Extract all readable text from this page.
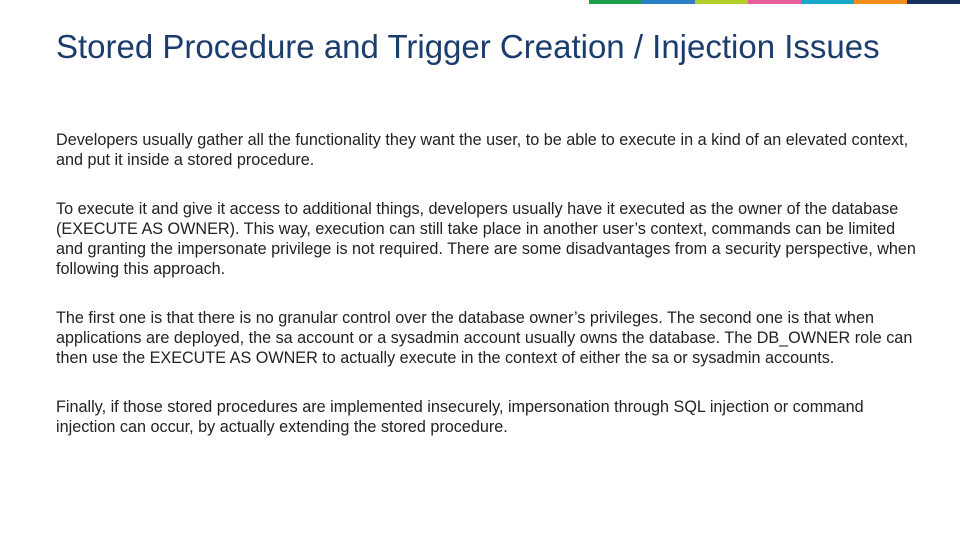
Stored Procedure and Trigger Creation / Injection Issues

Developers usually gather all the functionality they want the user, to be able to execute in a kind of an elevated context, and put it inside a stored procedure.

To execute it and give it access to additional things, developers usually have it executed as the owner of the database (EXECUTE AS OWNER). This way, execution can still take place in another user’s context, commands can be limited and granting the impersonate privilege is not required. There are some disadvantages from a security perspective, when following this approach.

The first one is that there is no granular control over the database owner’s privileges. The second one is that when applications are deployed, the sa account or a sysadmin account usually owns the database. The DB_OWNER role can then use the EXECUTE AS OWNER to actually execute in the context of either the sa or sysadmin accounts.

Finally, if those stored procedures are implemented insecurely, impersonation through SQL injection or command injection can occur, by actually extending the stored procedure.
